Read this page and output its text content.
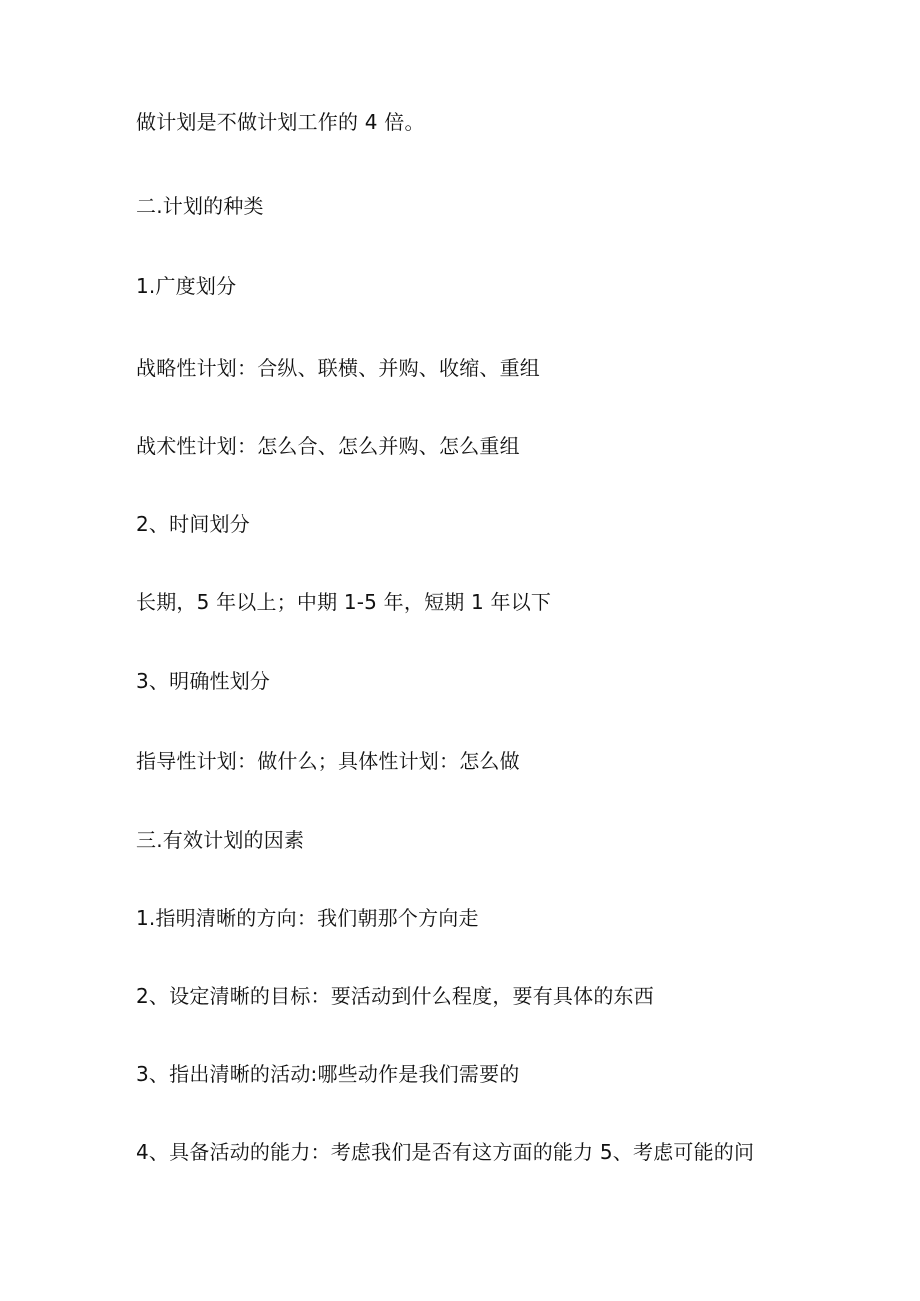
做计划是不做计划工作的 4 倍。
二.计划的种类
1.广度划分
战略性计划：合纵、联横、并购、收缩、重组
战术性计划：怎么合、怎么并购、怎么重组
2、时间划分
长期，5 年以上；中期 1-5 年，短期 1 年以下
3、明确性划分
指导性计划：做什么；具体性计划：怎么做
三.有效计划的因素
1.指明清晰的方向：我们朝那个方向走
2、设定清晰的目标：要活动到什么程度，要有具体的东西
3、指出清晰的活动:哪些动作是我们需要的
4、具备活动的能力：考虑我们是否有这方面的能力 5、考虑可能的问
